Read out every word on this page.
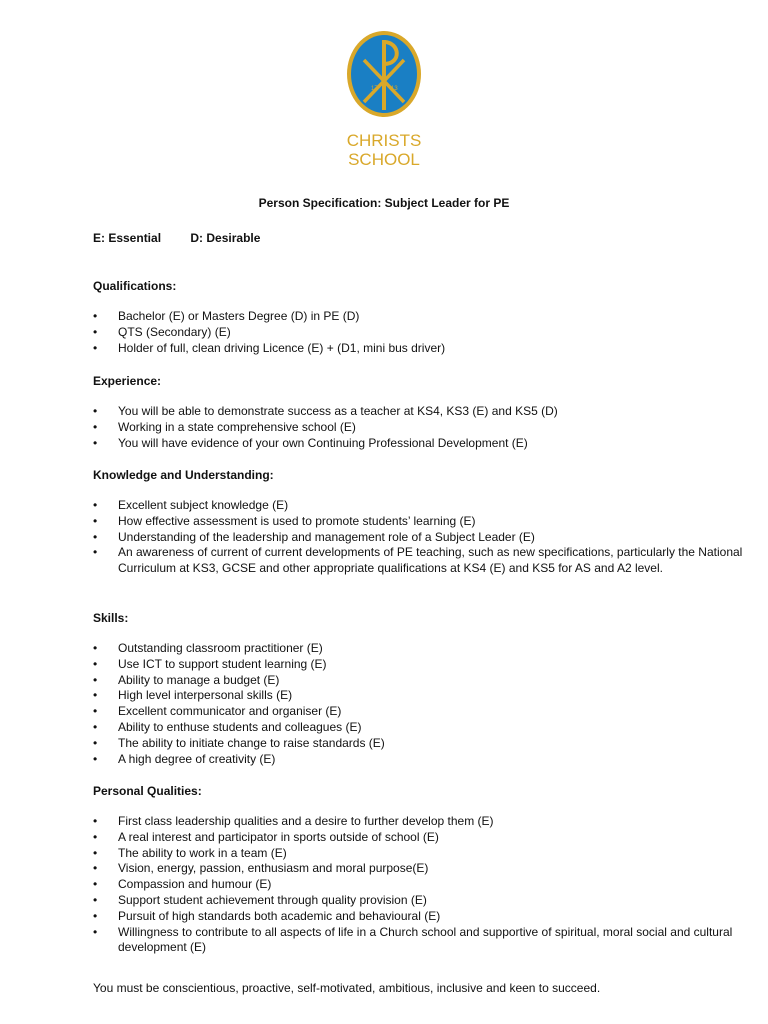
17 13
CHRISTS
SCHOOL
Person Specification: Subject Leader for PE
E: Essential D: Desirable
Qualifications:
•	Bachelor (E) or Masters Degree (D) in PE (D)
•	QTS (Secondary) (E)
•	Holder of full, clean driving Licence (E) + (D1, mini bus driver)
Experience:
•	You will be able to demonstrate success as a teacher at KS4, KS3 (E) and KS5 (D)
•	Working in a state comprehensive school (E)
•	You will have evidence of your own Continuing Professional Development (E)
Knowledge and Understanding:
•	Excellent subject knowledge (E)
•	How effective assessment is used to promote students’ learning (E)
•	Understanding of the leadership and management role of a Subject Leader (E)
•	An awareness of current of current developments of PE teaching, such as new specifications, particularly the National Curriculum at KS3, GCSE and other appropriate qualifications at KS4 (E) and KS5 for AS and A2 level.
Skills:
•	Outstanding classroom practitioner (E)
•	Use ICT to support student learning (E)
•	Ability to manage a budget (E)
•	High level interpersonal skills (E)
•	Excellent communicator and organiser (E)
•	Ability to enthuse students and colleagues (E)
•	The ability to initiate change to raise standards (E)
•	A high degree of creativity (E)
Personal Qualities:
•	First class leadership qualities and a desire to further develop them (E)
•	A real interest and participator in sports outside of school (E)
•	The ability to work in a team (E)
•	Vision, energy, passion, enthusiasm and moral purpose(E)
•	Compassion and humour (E)
•	Support student achievement through quality provision (E)
•	Pursuit of high standards both academic and behavioural (E)
•	Willingness to contribute to all aspects of life in a Church school and supportive of spiritual, moral social and cultural development (E)
You must be conscientious, proactive, self-motivated, ambitious, inclusive and keen to succeed.
